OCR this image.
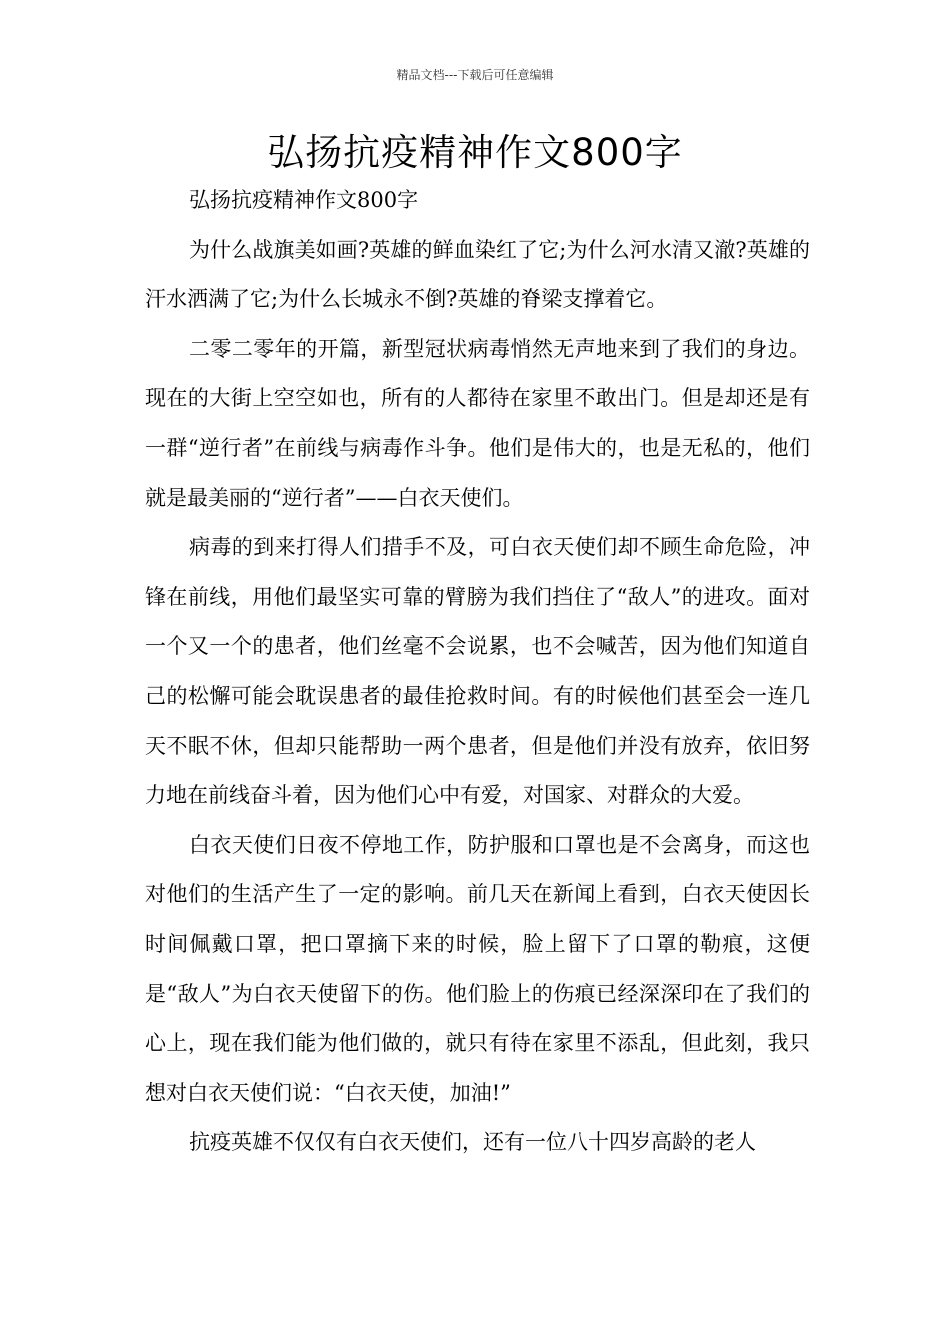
精品文档---下载后可任意编辑
弘扬抗疫精神作文800字

弘扬抗疫精神作文800字

为什么战旗美如画?英雄的鲜血染红了它;为什么河水清又澈?英雄的汗水洒满了它;为什么长城永不倒?英雄的脊梁支撑着它。

二零二零年的开篇，新型冠状病毒悄然无声地来到了我们的身边。现在的大街上空空如也，所有的人都待在家里不敢出门。但是却还是有一群“逆行者”在前线与病毒作斗争。他们是伟大的，也是无私的，他们就是最美丽的“逆行者”——白衣天使们。

病毒的到来打得人们措手不及，可白衣天使们却不顾生命危险，冲锋在前线，用他们最坚实可靠的臂膀为我们挡住了“敌人”的进攻。面对一个又一个的患者，他们丝毫不会说累，也不会喊苦，因为他们知道自己的松懈可能会耽误患者的最佳抢救时间。有的时候他们甚至会一连几天不眠不休，但却只能帮助一两个患者，但是他们并没有放弃，依旧努力地在前线奋斗着，因为他们心中有爱，对国家、对群众的大爱。

白衣天使们日夜不停地工作，防护服和口罩也是不会离身，而这也对他们的生活产生了一定的影响。前几天在新闻上看到，白衣天使因长时间佩戴口罩，把口罩摘下来的时候，脸上留下了口罩的勒痕，这便是“敌人”为白衣天使留下的伤。他们脸上的伤痕已经深深印在了我们的心上，现在我们能为他们做的，就只有待在家里不添乱，但此刻，我只想对白衣天使们说：“白衣天使，加油!”

抗疫英雄不仅仅有白衣天使们，还有一位八十四岁高龄的老人
